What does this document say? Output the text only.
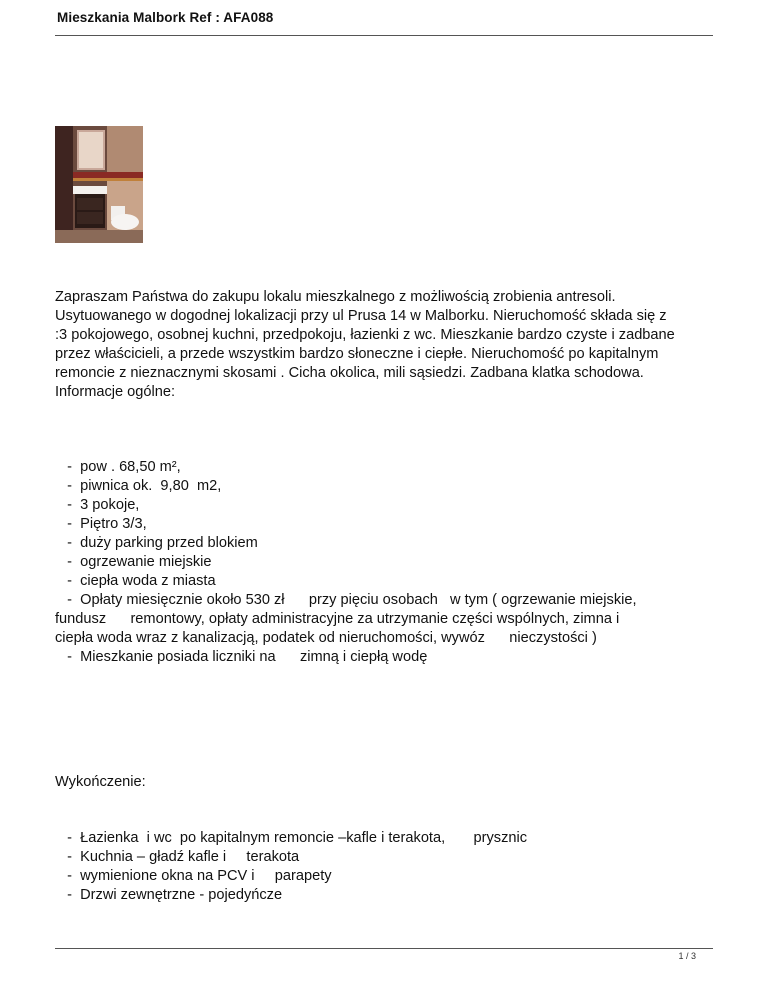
Mieszkania Malbork Ref : AFA088

Zapraszam Państwa do zakupu lokalu mieszkalnego z możliwością zrobienia antresoli.

Usytuowanego w dogodnej lokalizacji przy ul Prusa 14 w Malborku. Nieruchomość składa się z

:3 pokojowego, osobnej kuchni, przedpokoju, łazienki z wc. Mieszkanie bardzo czyste i zadbane

przez właścicieli, a przede wszystkim bardzo słoneczne i ciepłe. Nieruchomość po kapitalnym

remoncie z nieznacznymi skosami . Cicha okolica, mili sąsiedzi. Zadbana klatka schodowa.

Informacje ogólne:

-  pow . 68,50 m²,
-  piwnica ok.  9,80  m2,
-  3 pokoje,
-  Piętro 3/3,
-  duży parking przed blokiem
-  ogrzewanie miejskie
-  ciepła woda z miasta
-  Opłaty miesięcznie około 530 zł      przy pięciu osobach   w tym ( ogrzewanie miejskie,
fundusz      remontowy, opłaty administracyjne za utrzymanie części wspólnych, zimna i
ciepła woda wraz z kanalizacją, podatek od nieruchomości, wywóz      nieczystości )
-  Mieszkanie posiada liczniki na      zimną i ciepłą wodę
Wykończenie:
-  Łazienka  i wc  po kapitalnym remoncie –kafle i terakota,       prysznic
-  Kuchnia – gładź kafle i     terakota
-  wymienione okna na PCV i     parapety
-  Drzwi zewnętrzne - pojedyńcze
1 / 3
